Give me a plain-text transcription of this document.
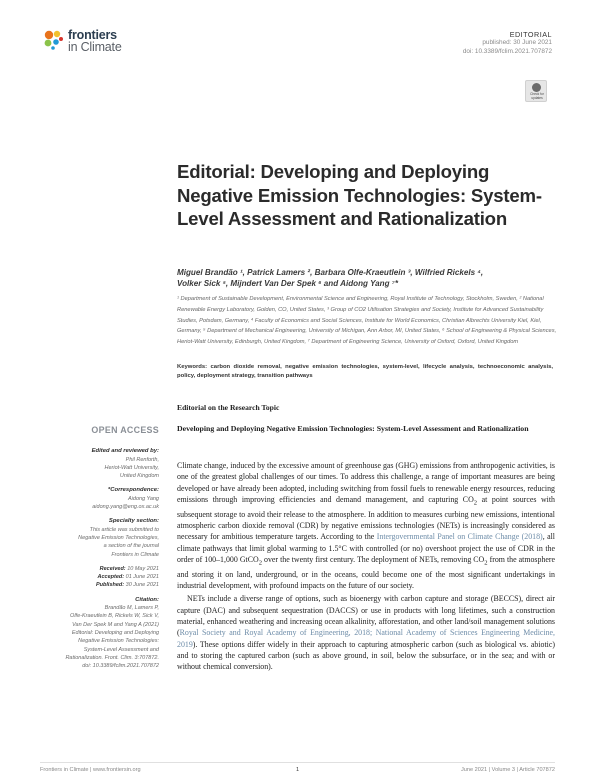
frontiers
in Climate
EDITORIAL
published: 30 June 2021
doi: 10.3389/fclim.2021.707872
Check for updates
Editorial: Developing and Deploying Negative Emission Technologies: System-Level Assessment and Rationalization
Miguel Brandão ¹, Patrick Lamers ², Barbara Olfe-Kraeutlein ³, Wilfried Rickels ⁴,
Volker Sick ⁵, Mijndert Van Der Spek ⁶ and Aidong Yang ⁷*
¹ Department of Sustainable Development, Environmental Science and Engineering, Royal Institute of Technology, Stockholm, Sweden, ² National Renewable Energy Laboratory, Golden, CO, United States, ³ Group of CO2 Utilisation Strategies and Society, Institute for Advanced Sustainability Studies, Potsdam, Germany, ⁴ Faculty of Economics and Social Sciences, Institute for World Economics, Christian Albrechts University Kiel, Kiel, Germany, ⁵ Department of Mechanical Engineering, University of Michigan, Ann Arbor, MI, United States, ⁶ School of Engineering & Physical Sciences, Heriot-Watt University, Edinburgh, United Kingdom, ⁷ Department of Engineering Science, University of Oxford, Oxford, United Kingdom
Keywords: carbon dioxide removal, negative emission technologies, system-level, lifecycle analysis, technoeconomic analysis, policy, deployment strategy, transition pathways
Editorial on the Research Topic
Developing and Deploying Negative Emission Technologies: System-Level Assessment and Rationalization

Climate change, induced by the excessive amount of greenhouse gas (GHG) emissions from anthropogenic activities, is one of the greatest global challenges of our times. To address this challenge, a range of important measures are being developed or have already been adopted, including switching from fossil fuels to renewable energy resources, reducing emissions through improving efficiencies and demand management, and capturing $CO_2$ at point sources with subsequent storage to avoid their release to the atmosphere. In addition to measures curbing new emissions, intentional atmospheric carbon dioxide removal (CDR) by negative emissions technologies (NETs) is increasingly considered as necessary for ambitious temperature targets. According to the Intergovernmental Panel on Climate Change (2018), all climate pathways that limit global warming to 1.5°C with controlled (or no) overshoot project the use of CDR in the order of 100–1,000 GtCO$_2$ over the twenty first century. The deployment of NETs, removing $CO_2$ from the atmosphere and storing it on land, underground, or in the oceans, could become one of the most significant undertakings in industrial development, with profound impacts on the future of our society.

NETs include a diverse range of options, such as bioenergy with carbon capture and storage (BECCS), direct air capture (DAC) and subsequent sequestration (DACCS) or use in products with long lifetimes, such a construction material, enhanced weathering and increasing ocean alkalinity, afforestation, and other land/soil management solutions (Royal Society and Royal Academy of Engineering, 2018; National Academy of Sciences Engineering Medicine, 2019). These options differ widely in their approach to capturing atmospheric carbon (such as biological vs. abiotic) and to storing the captured carbon (such as above ground, in soil, below the subsurface, or in the sea; and with or without chemical conversion).

OPEN ACCESS
Edited and reviewed by:
Phil Renforth,
Heriot-Watt University,
United Kingdom
*Correspondence:
Aidong Yang
aidong.yang@eng.ox.ac.uk
Specialty section:
This article was submitted to
Negative Emission Technologies,
a section of the journal
Frontiers in Climate
Received: 10 May 2021
Accepted: 01 June 2021
Published: 30 June 2021
Citation:
Brandão M, Lamers P,
Olfe-Kraeutlein B, Rickels W, Sick V,
Van Der Spek M and Yang A (2021)
Editorial: Developing and Deploying
Negative Emission Technologies:
System-Level Assessment and
Rationalization. Front. Clim. 3:707872.
doi: 10.3389/fclim.2021.707872
Frontiers in Climate | www.frontiersin.org	1	June 2021 | Volume 3 | Article 707872
